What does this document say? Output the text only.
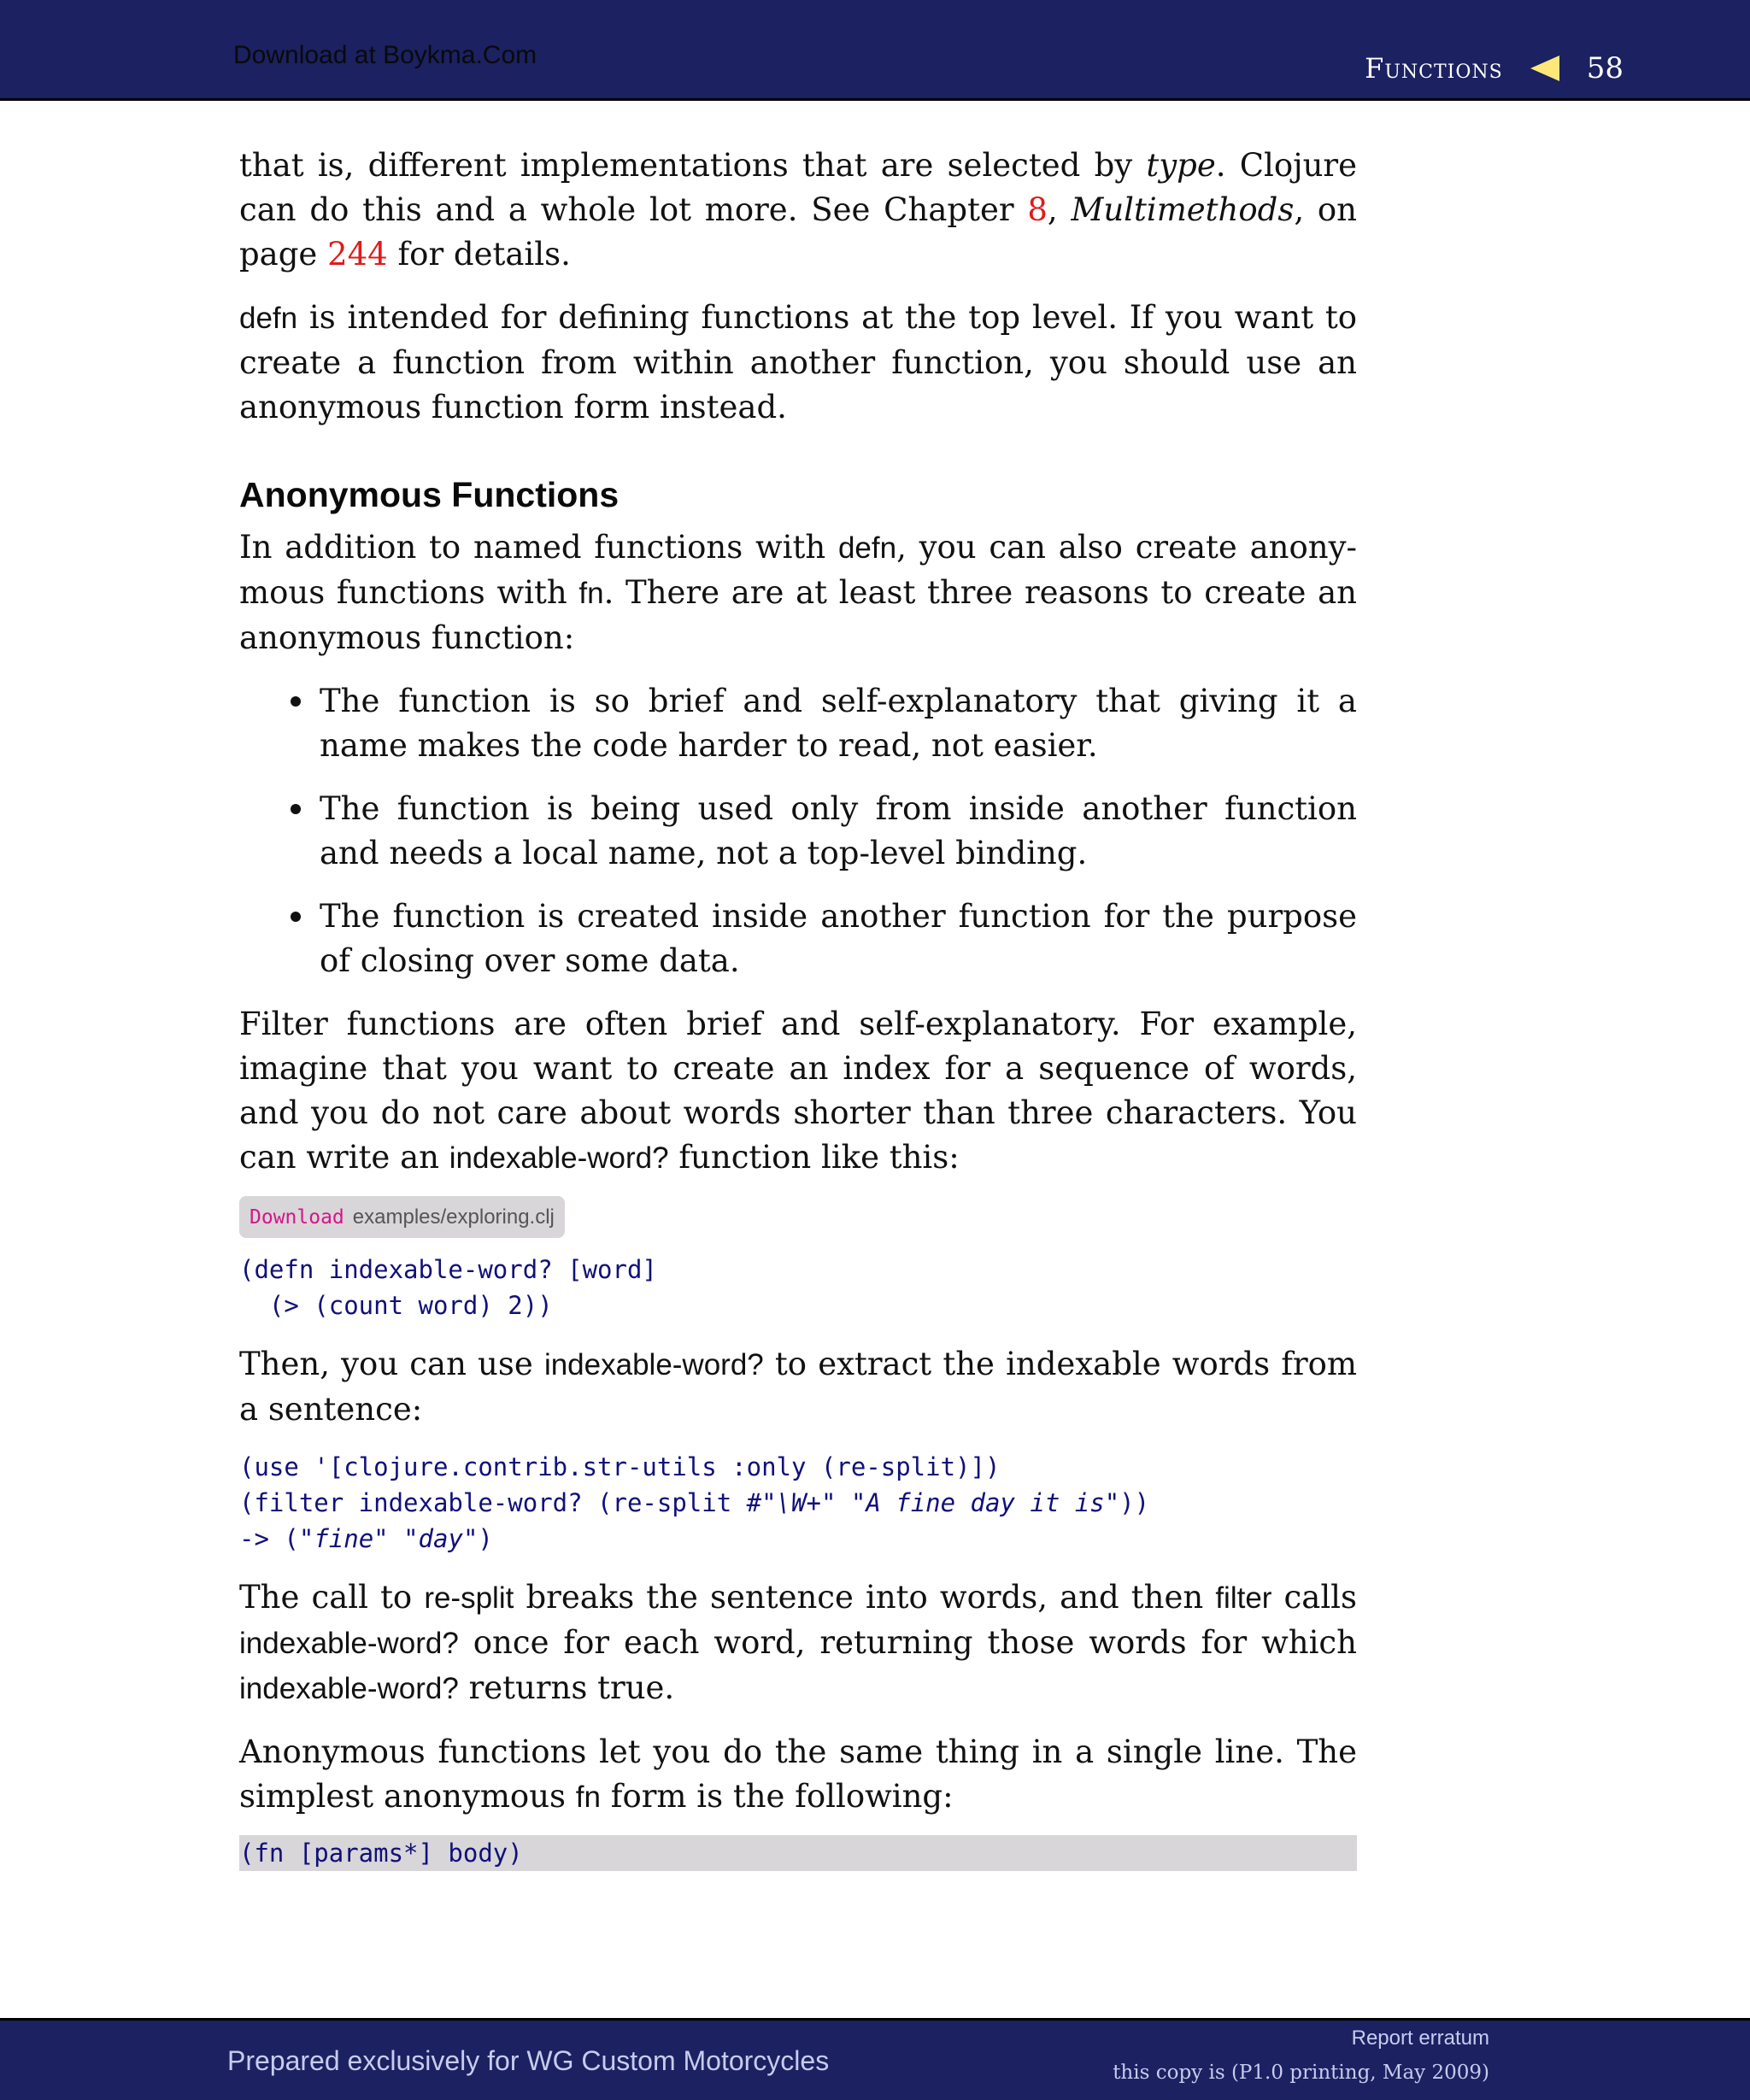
Download at Boykma.Com	Functions	58

that is, different implementations that are selected by type. Clojure can do this and a whole lot more. See Chapter 8, Multimethods, on page 244 for details.

defn is intended for defining functions at the top level. If you want to create a function from within another function, you should use an anonymous function form instead.

Anonymous Functions

In addition to named functions with defn, you can also create anonymous functions with fn. There are at least three reasons to create an anonymous function:

The function is so brief and self-explanatory that giving it a name makes the code harder to read, not easier.
The function is being used only from inside another function and needs a local name, not a top-level binding.
The function is created inside another function for the purpose of closing over some data.

Filter functions are often brief and self-explanatory. For example, imagine that you want to create an index for a sequence of words, and you do not care about words shorter than three characters. You can write an indexable-word? function like this:

Download examples/exploring.clj
(defn indexable-word? [word]
(> (count word) 2))

Then, you can use indexable-word? to extract the indexable words from a sentence:

(use '[clojure.contrib.str-utils :only (re-split)])
(filter indexable-word? (re-split #"\W+" "A fine day it is"))
-> ("fine" "day")

The call to re-split breaks the sentence into words, and then filter calls indexable-word? once for each word, returning those words for which indexable-word? returns true.

Anonymous functions let you do the same thing in a single line. The simplest anonymous fn form is the following:

(fn [params*] body)
Prepared exclusively for WG Custom Motorcycles
Report erratum
this copy is (P1.0 printing, May 2009)
